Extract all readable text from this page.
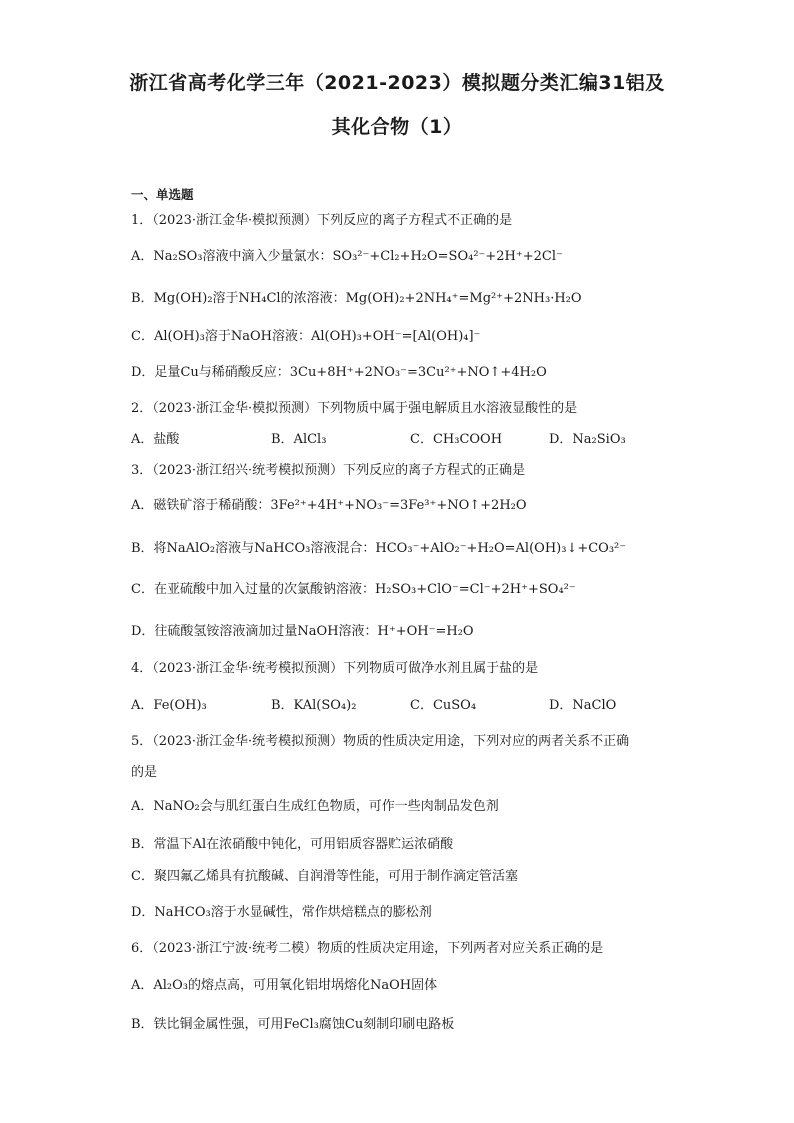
浙江省高考化学三年（2021-2023）模拟题分类汇编31铝及
其化合物（1）
一、单选题
1．（2023·浙江金华·模拟预测）下列反应的离子方程式不正确的是
A．Na₂SO₃溶液中滴入少量氯水：SO₃²⁻+Cl₂+H₂O=SO₄²⁻+2H⁺+2Cl⁻
B．Mg(OH)₂溶于NH₄Cl的浓溶液：Mg(OH)₂+2NH₄⁺=Mg²⁺+2NH₃·H₂O
C．Al(OH)₃溶于NaOH溶液：Al(OH)₃+OH⁻=[Al(OH)₄]⁻
D．足量Cu与稀硝酸反应：3Cu+8H⁺+2NO₃⁻=3Cu²⁺+NO↑+4H₂O
2．（2023·浙江金华·模拟预测）下列物质中属于强电解质且水溶液显酸性的是
A．盐酸	B．AlCl₃	C．CH₃COOH	D．Na₂SiO₃
3．（2023·浙江绍兴·统考模拟预测）下列反应的离子方程式的正确是
A．磁铁矿溶于稀硝酸：3Fe²⁺+4H⁺+NO₃⁻=3Fe³⁺+NO↑+2H₂O
B．将NaAlO₂溶液与NaHCO₃溶液混合：HCO₃⁻+AlO₂⁻+H₂O=Al(OH)₃↓+CO₃²⁻
C．在亚硫酸中加入过量的次氯酸钠溶液：H₂SO₃+ClO⁻=Cl⁻+2H⁺+SO₄²⁻
D．往硫酸氢铵溶液滴加过量NaOH溶液：H⁺+OH⁻=H₂O
4．（2023·浙江金华·统考模拟预测）下列物质可做净水剂且属于盐的是
A．Fe(OH)₃	B．KAl(SO₄)₂	C．CuSO₄	D．NaClO
5．（2023·浙江金华·统考模拟预测）物质的性质决定用途，下列对应的两者关系不正确
的是
A．NaNO₂会与肌红蛋白生成红色物质，可作一些肉制品发色剂
B．常温下Al在浓硝酸中钝化，可用铝质容器贮运浓硝酸
C．聚四氟乙烯具有抗酸碱、自润滑等性能，可用于制作滴定管活塞
D．NaHCO₃溶于水显碱性，常作烘焙糕点的膨松剂
6．（2023·浙江宁波·统考二模）物质的性质决定用途，下列两者对应关系正确的是
A．Al₂O₃的熔点高，可用氧化铝坩埚熔化NaOH固体
B．铁比铜金属性强，可用FeCl₃腐蚀Cu刻制印刷电路板
